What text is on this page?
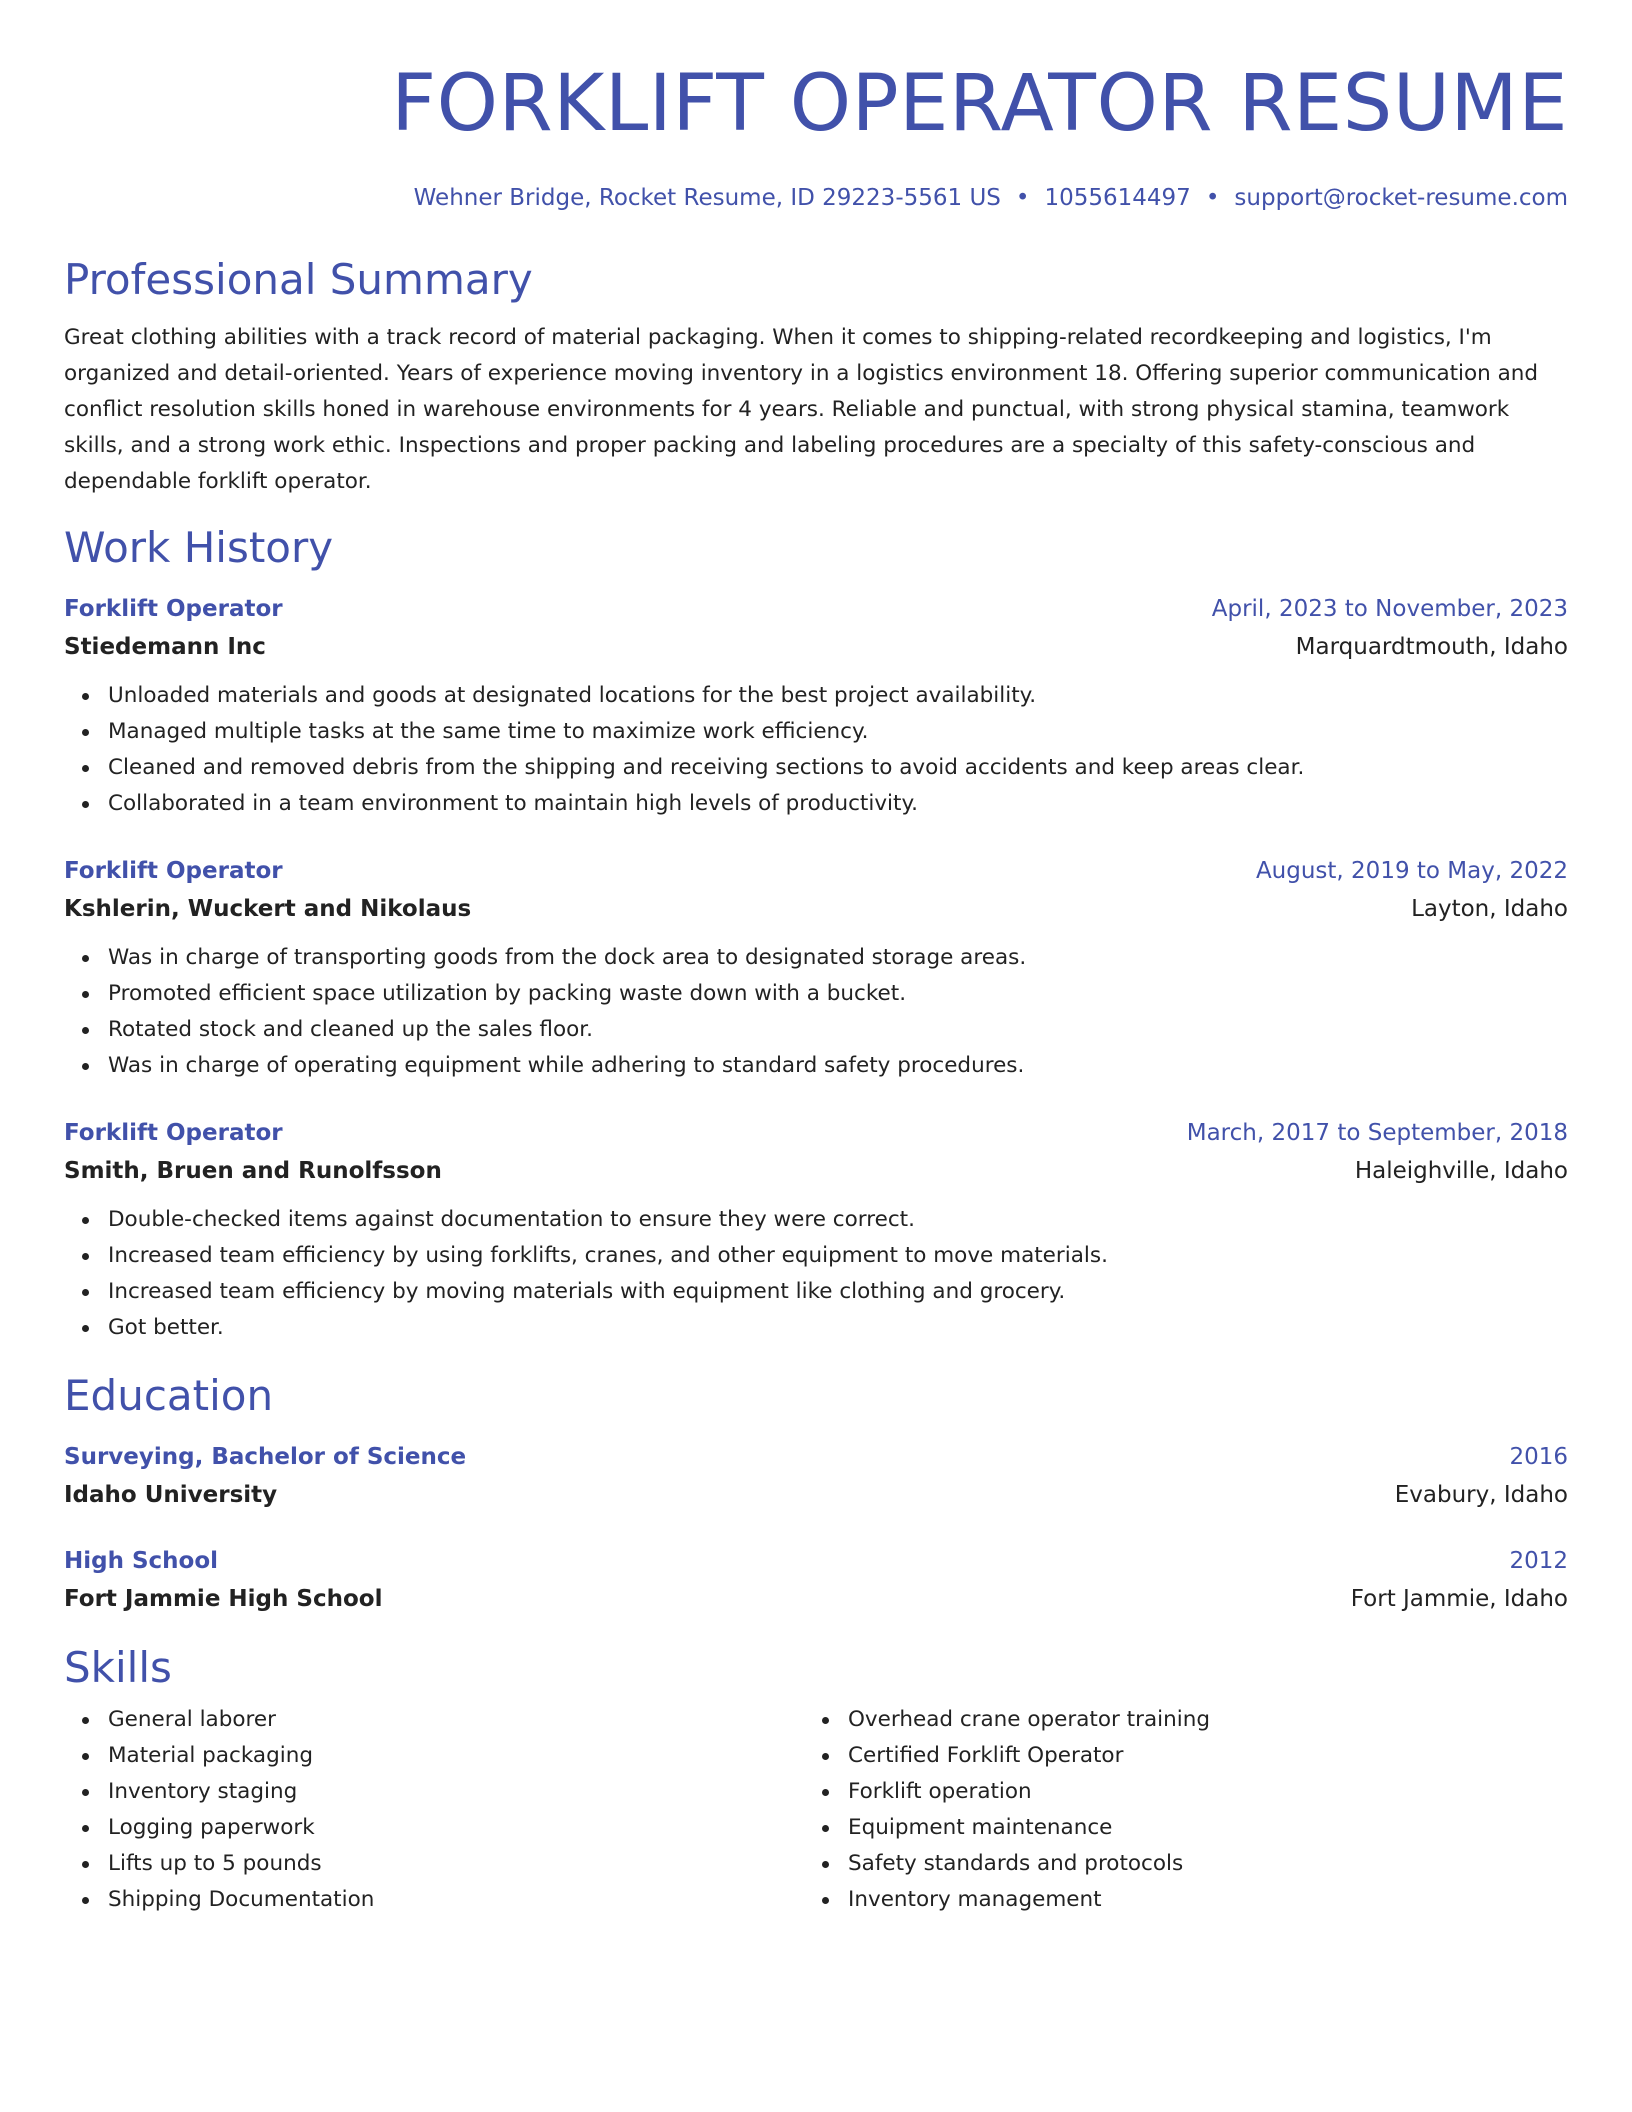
FORKLIFT OPERATOR RESUME
Wehner Bridge, Rocket Resume, ID 29223-5561 US • 1055614497 • support@rocket-resume.com
Professional Summary
Great clothing abilities with a track record of material packaging. When it comes to shipping-related recordkeeping and logistics, I'm organized and detail-oriented. Years of experience moving inventory in a logistics environment 18. Offering superior communication and conflict resolution skills honed in warehouse environments for 4 years. Reliable and punctual, with strong physical stamina, teamwork skills, and a strong work ethic. Inspections and proper packing and labeling procedures are a specialty of this safety-conscious and dependable forklift operator.
Work History
Forklift Operator	April, 2023 to November, 2023
Stiedemann Inc	Marquardtmouth, Idaho
Unloaded materials and goods at designated locations for the best project availability.
Managed multiple tasks at the same time to maximize work efficiency.
Cleaned and removed debris from the shipping and receiving sections to avoid accidents and keep areas clear.
Collaborated in a team environment to maintain high levels of productivity.
Forklift Operator	August, 2019 to May, 2022
Kshlerin, Wuckert and Nikolaus	Layton, Idaho
Was in charge of transporting goods from the dock area to designated storage areas.
Promoted efficient space utilization by packing waste down with a bucket.
Rotated stock and cleaned up the sales floor.
Was in charge of operating equipment while adhering to standard safety procedures.
Forklift Operator	March, 2017 to September, 2018
Smith, Bruen and Runolfsson	Haleighville, Idaho
Double-checked items against documentation to ensure they were correct.
Increased team efficiency by using forklifts, cranes, and other equipment to move materials.
Increased team efficiency by moving materials with equipment like clothing and grocery.
Got better.
Education
Surveying, Bachelor of Science	2016
Idaho University	Evabury, Idaho
High School	2012
Fort Jammie High School	Fort Jammie, Idaho
Skills
General laborer
Material packaging
Inventory staging
Logging paperwork
Lifts up to 5 pounds
Shipping Documentation
Overhead crane operator training
Certified Forklift Operator
Forklift operation
Equipment maintenance
Safety standards and protocols
Inventory management
